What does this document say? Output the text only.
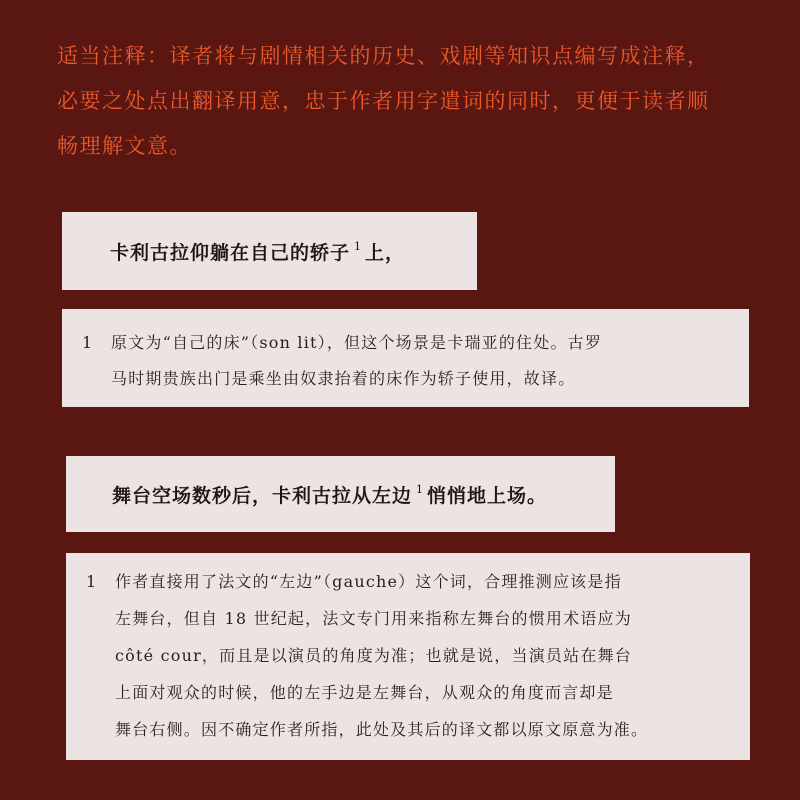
适当注释：译者将与剧情相关的历史、戏剧等知识点编写成注释，
必要之处点出翻译用意，忠于作者用字遣词的同时，更便于读者顺
畅理解文意。
卡利古拉仰躺在自己的轿子 $^1$ 上，
1	原文为“自己的床”（son lit），但这个场景是卡瑞亚的住处。古罗
马时期贵族出门是乘坐由奴隶抬着的床作为轿子使用，故译。
舞台空场数秒后，卡利古拉从左边 $^1$ 悄悄地上场。
1	作者直接用了法文的“左边”（gauche）这个词，合理推测应该是指
左舞台，但自 18 世纪起，法文专门用来指称左舞台的惯用术语应为
côté cour，而且是以演员的角度为准；也就是说，当演员站在舞台
上面对观众的时候，他的左手边是左舞台，从观众的角度而言却是
舞台右侧。因不确定作者所指，此处及其后的译文都以原文原意为准。
